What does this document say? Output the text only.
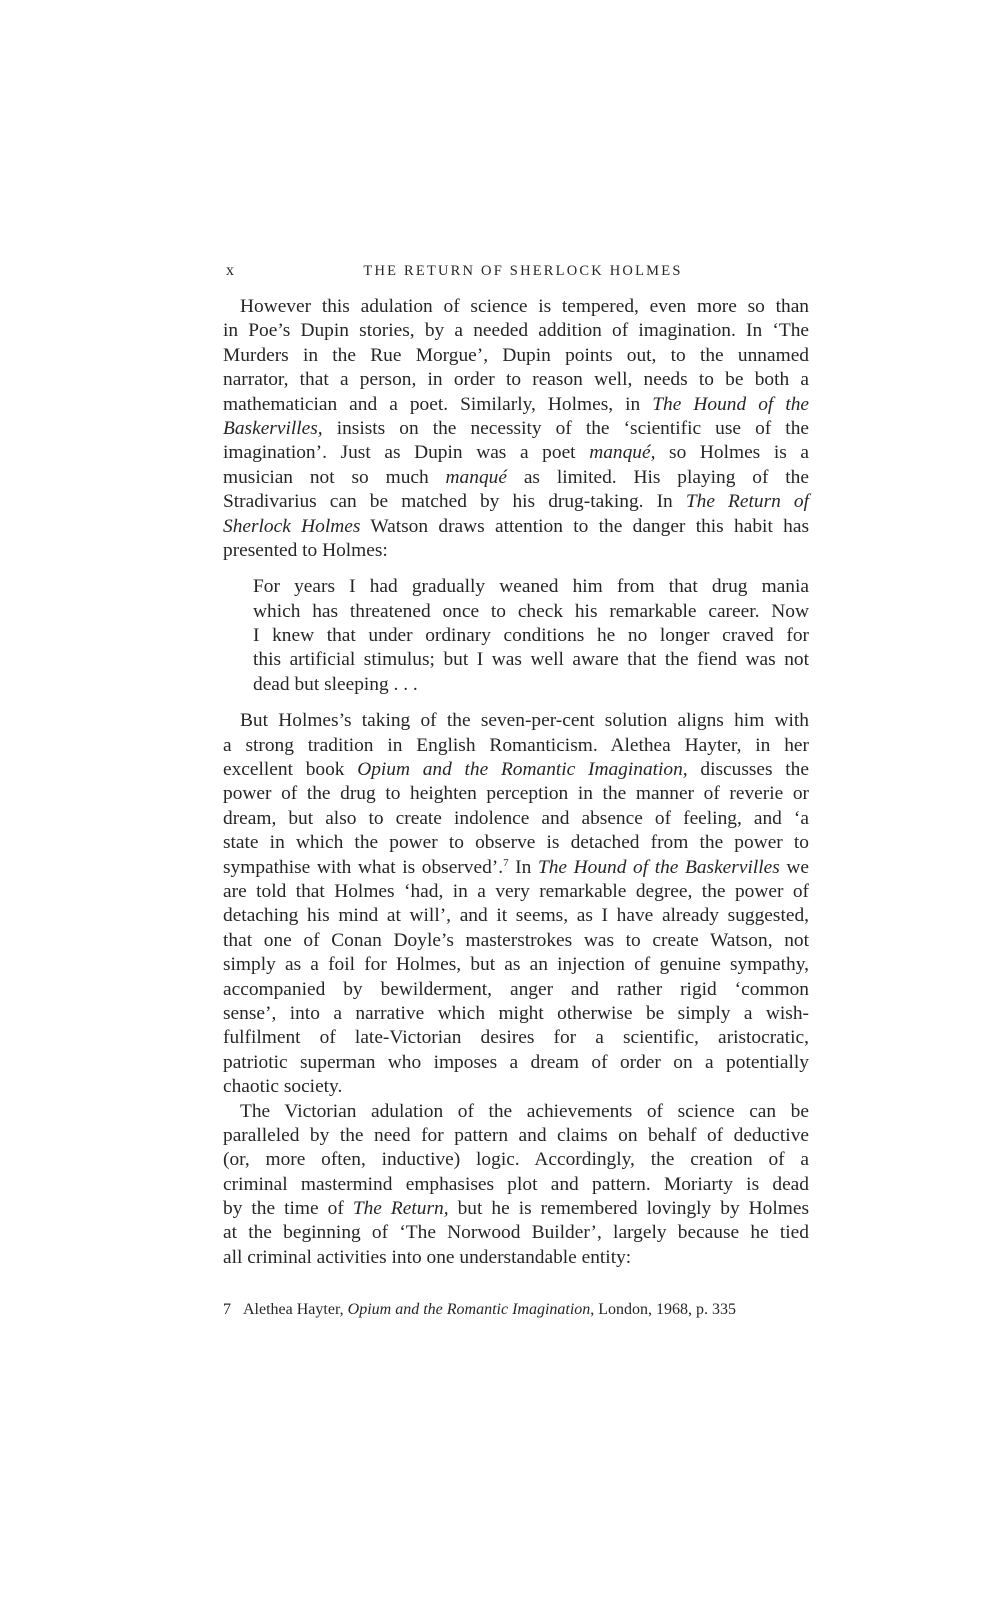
x	THE RETURN OF SHERLOCK HOLMES
However this adulation of science is tempered, even more so than
in Poe’s Dupin stories, by a needed addition of imagination. In ‘The
Murders in the Rue Morgue’, Dupin points out, to the unnamed
narrator, that a person, in order to reason well, needs to be both a
mathematician and a poet. Similarly, Holmes, in The Hound of the
Baskervilles, insists on the necessity of the ‘scientific use of the
imagination’. Just as Dupin was a poet manqué, so Holmes is a
musician not so much manqué as limited. His playing of the
Stradivarius can be matched by his drug-taking. In The Return of
Sherlock Holmes Watson draws attention to the danger this habit has
presented to Holmes:
For years I had gradually weaned him from that drug mania
which has threatened once to check his remarkable career. Now
I knew that under ordinary conditions he no longer craved for
this artificial stimulus; but I was well aware that the fiend was not
dead but sleeping . . .
But Holmes’s taking of the seven-per-cent solution aligns him with
a strong tradition in English Romanticism. Alethea Hayter, in her
excellent book Opium and the Romantic Imagination, discusses the
power of the drug to heighten perception in the manner of reverie or
dream, but also to create indolence and absence of feeling, and ‘a
state in which the power to observe is detached from the power to
sympathise with what is observed’.$^7$ In The Hound of the Baskervilles we
are told that Holmes ‘had, in a very remarkable degree, the power of
detaching his mind at will’, and it seems, as I have already suggested,
that one of Conan Doyle’s masterstrokes was to create Watson, not
simply as a foil for Holmes, but as an injection of genuine sympathy,
accompanied by bewilderment, anger and rather rigid ‘common
sense’, into a narrative which might otherwise be simply a wish-
fulfilment of late-Victorian desires for a scientific, aristocratic,
patriotic superman who imposes a dream of order on a potentially
chaotic society.
The Victorian adulation of the achievements of science can be
paralleled by the need for pattern and claims on behalf of deductive
(or, more often, inductive) logic. Accordingly, the creation of a
criminal mastermind emphasises plot and pattern. Moriarty is dead
by the time of The Return, but he is remembered lovingly by Holmes
at the beginning of ‘The Norwood Builder’, largely because he tied
all criminal activities into one understandable entity:
7 Alethea Hayter, Opium and the Romantic Imagination, London, 1968, p. 335
